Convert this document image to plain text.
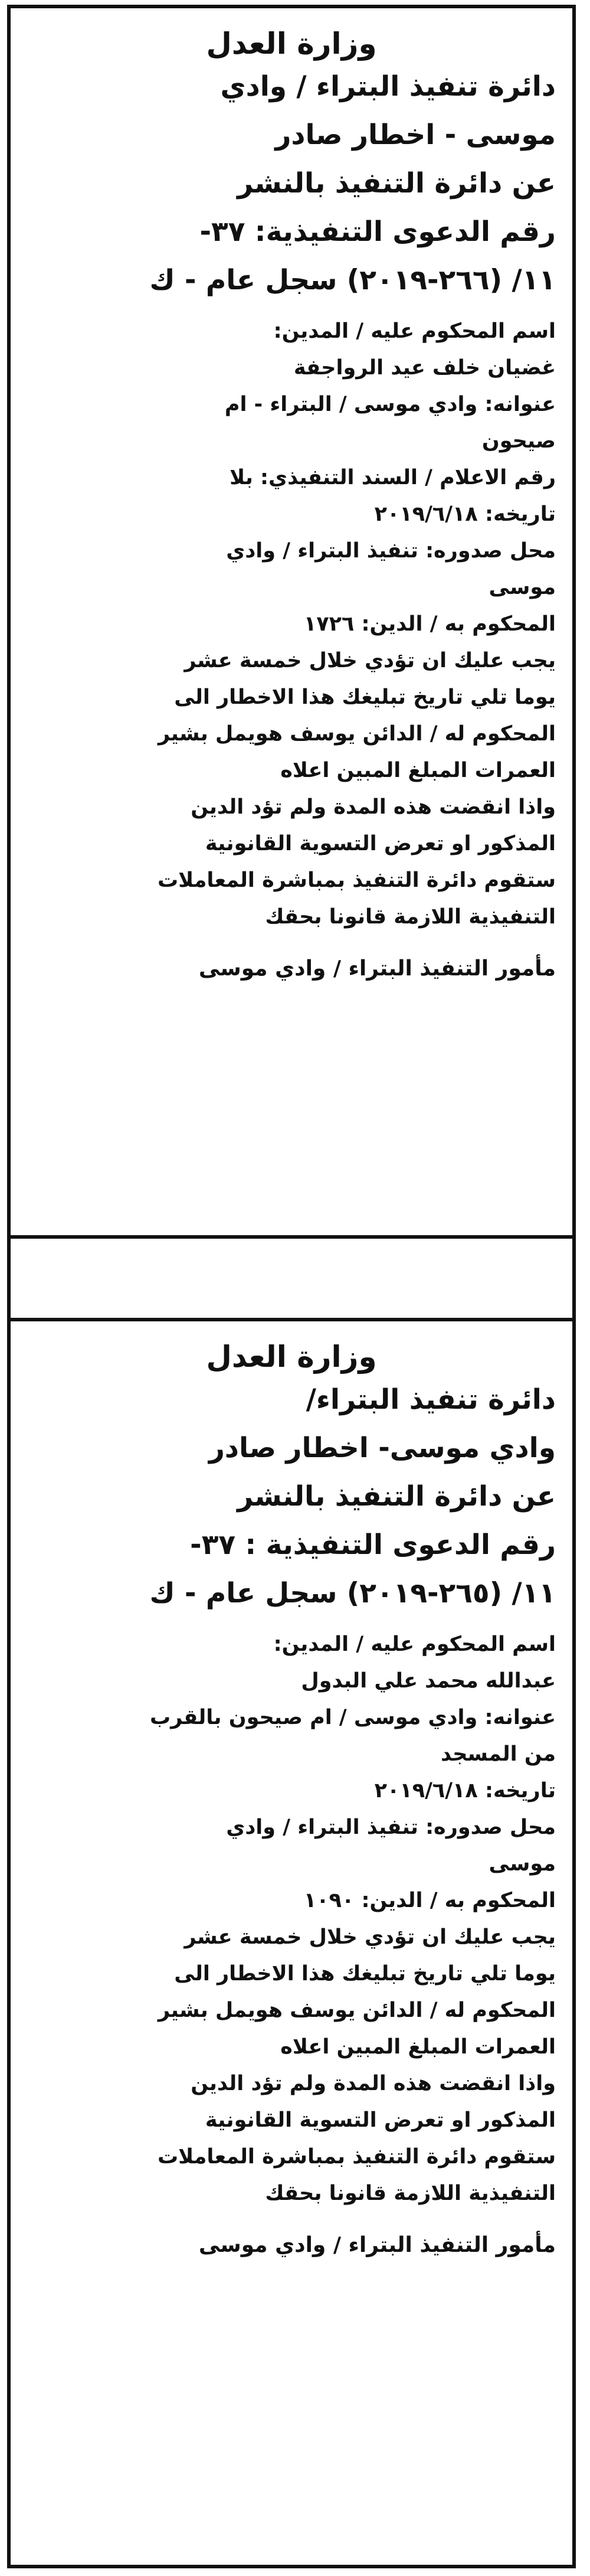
وزارة العدل

دائرة تنفيذ البتراء / وادي

موسى - اخطار صادر

عن دائرة التنفيذ بالنشر

رقم الدعوى التنفيذية: ٣٧-

١١/ (٢٦٦-٢٠١٩) سجل عام - ك

اسم المحكوم عليه / المدين:

غضيان خلف عيد الرواجفة

عنوانه: وادي موسى / البتراء - ام

صيحون

رقم الاعلام / السند التنفيذي: بلا

تاريخه: ٢٠١٩/٦/١٨

محل صدوره: تنفيذ البتراء / وادي

موسى

المحكوم به / الدين: ١٧٢٦

يجب عليك ان تؤدي خلال خمسة عشر

يوما تلي تاريخ تبليغك هذا الاخطار الى

المحكوم له / الدائن يوسف هويمل بشير

العمرات المبلغ المبين اعلاه

واذا انقضت هذه المدة ولم تؤد الدين

المذكور او تعرض التسوية القانونية

ستقوم دائرة التنفيذ بمباشرة المعاملات

التنفيذية اللازمة قانونا بحقك

مأمور التنفيذ البتراء / وادي موسى
وزارة العدل

دائرة تنفيذ البتراء/

وادي موسى- اخطار صادر

عن دائرة التنفيذ بالنشر

رقم الدعوى التنفيذية : ٣٧-

١١/ (٢٦٥-٢٠١٩) سجل عام - ك

اسم المحكوم عليه / المدين:

عبدالله محمد علي البدول

عنوانه: وادي موسى / ام صيحون بالقرب

من المسجد

تاريخه: ٢٠١٩/٦/١٨

محل صدوره: تنفيذ البتراء / وادي

موسى

المحكوم به / الدين: ١٠٩٠

يجب عليك ان تؤدي خلال خمسة عشر

يوما تلي تاريخ تبليغك هذا الاخطار الى

المحكوم له / الدائن يوسف هويمل بشير

العمرات المبلغ المبين اعلاه

واذا انقضت هذه المدة ولم تؤد الدين

المذكور او تعرض التسوية القانونية

ستقوم دائرة التنفيذ بمباشرة المعاملات

التنفيذية اللازمة قانونا بحقك

مأمور التنفيذ البتراء / وادي موسى
